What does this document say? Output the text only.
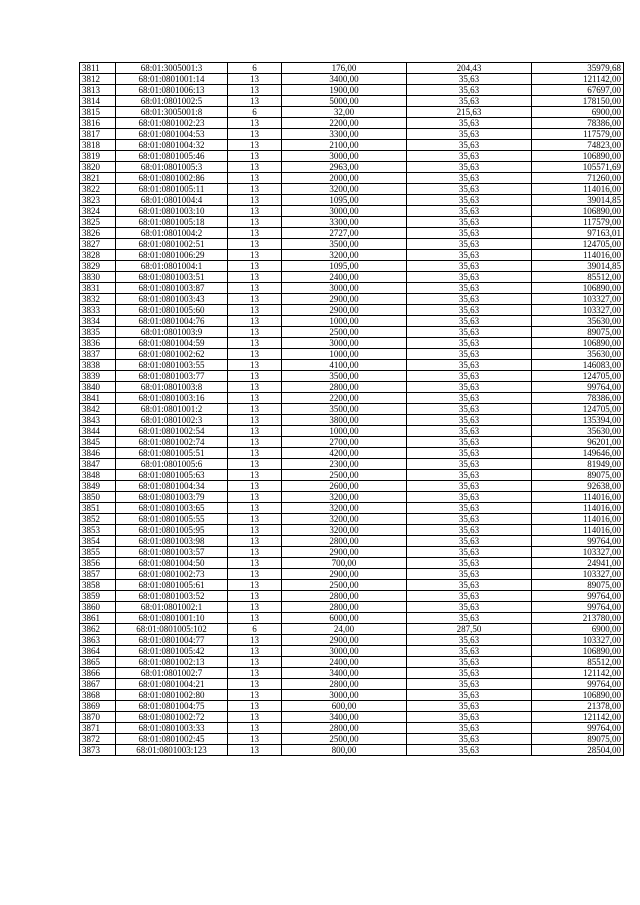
3811	68:01:3005001:3	6	176,00	204,43	35979,68
3812	68:01:0801001:14	13	3400,00	35,63	121142,00
3813	68:01:0801006:13	13	1900,00	35,63	67697,00
3814	68:01:0801002:5	13	5000,00	35,63	178150,00
3815	68:01:3005001:8	6	32,00	215,63	6900,00
3816	68:01:0801002:23	13	2200,00	35,63	78386,00
3817	68:01:0801004:53	13	3300,00	35,63	117579,00
3818	68:01:0801004:32	13	2100,00	35,63	74823,00
3819	68:01:0801005:46	13	3000,00	35,63	106890,00
3820	68:01:0801005:3	13	2963,00	35,63	105571,69
3821	68:01:0801002:86	13	2000,00	35,63	71260,00
3822	68:01:0801005:11	13	3200,00	35,63	114016,00
3823	68:01:0801004:4	13	1095,00	35,63	39014,85
3824	68:01:0801003:10	13	3000,00	35,63	106890,00
3825	68:01:0801005:18	13	3300,00	35,63	117579,00
3826	68:01:0801004:2	13	2727,00	35,63	97163,01
3827	68:01:0801002:51	13	3500,00	35,63	124705,00
3828	68:01:0801006:29	13	3200,00	35,63	114016,00
3829	68:01:0801004:1	13	1095,00	35,63	39014,85
3830	68:01:0801003:51	13	2400,00	35,63	85512,00
3831	68:01:0801003:87	13	3000,00	35,63	106890,00
3832	68:01:0801003:43	13	2900,00	35,63	103327,00
3833	68:01:0801005:60	13	2900,00	35,63	103327,00
3834	68:01:0801004:76	13	1000,00	35,63	35630,00
3835	68:01:0801003:9	13	2500,00	35,63	89075,00
3836	68:01:0801004:59	13	3000,00	35,63	106890,00
3837	68:01:0801002:62	13	1000,00	35,63	35630,00
3838	68:01:0801003:55	13	4100,00	35,63	146083,00
3839	68:01:0801003:77	13	3500,00	35,63	124705,00
3840	68:01:0801003:8	13	2800,00	35,63	99764,00
3841	68:01:0801003:16	13	2200,00	35,63	78386,00
3842	68:01:0801001:2	13	3500,00	35,63	124705,00
3843	68:01:0801002:3	13	3800,00	35,63	135394,00
3844	68:01:0801002:54	13	1000,00	35,63	35630,00
3845	68:01:0801002:74	13	2700,00	35,63	96201,00
3846	68:01:0801005:51	13	4200,00	35,63	149646,00
3847	68:01:0801005:6	13	2300,00	35,63	81949,00
3848	68:01:0801005:63	13	2500,00	35,63	89075,00
3849	68:01:0801004:34	13	2600,00	35,63	92638,00
3850	68:01:0801003:79	13	3200,00	35,63	114016,00
3851	68:01:0801003:65	13	3200,00	35,63	114016,00
3852	68:01:0801005:55	13	3200,00	35,63	114016,00
3853	68:01:0801005:95	13	3200,00	35,63	114016,00
3854	68:01:0801003:98	13	2800,00	35,63	99764,00
3855	68:01:0801003:57	13	2900,00	35,63	103327,00
3856	68:01:0801004:50	13	700,00	35,63	24941,00
3857	68:01:0801002:73	13	2900,00	35,63	103327,00
3858	68:01:0801005:61	13	2500,00	35,63	89075,00
3859	68:01:0801003:52	13	2800,00	35,63	99764,00
3860	68:01:0801002:1	13	2800,00	35,63	99764,00
3861	68:01:0801001:10	13	6000,00	35,63	213780,00
3862	68:01:0801005:102	6	24,00	287,50	6900,00
3863	68:01:0801004:77	13	2900,00	35,63	103327,00
3864	68:01:0801005:42	13	3000,00	35,63	106890,00
3865	68:01:0801002:13	13	2400,00	35,63	85512,00
3866	68:01:0801002:7	13	3400,00	35,63	121142,00
3867	68:01:0801004:21	13	2800,00	35,63	99764,00
3868	68:01:0801002:80	13	3000,00	35,63	106890,00
3869	68:01:0801004:75	13	600,00	35,63	21378,00
3870	68:01:0801002:72	13	3400,00	35,63	121142,00
3871	68:01:0801003:33	13	2800,00	35,63	99764,00
3872	68:01:0801002:45	13	2500,00	35,63	89075,00
3873	68:01:0801003:123	13	800,00	35,63	28504,00
